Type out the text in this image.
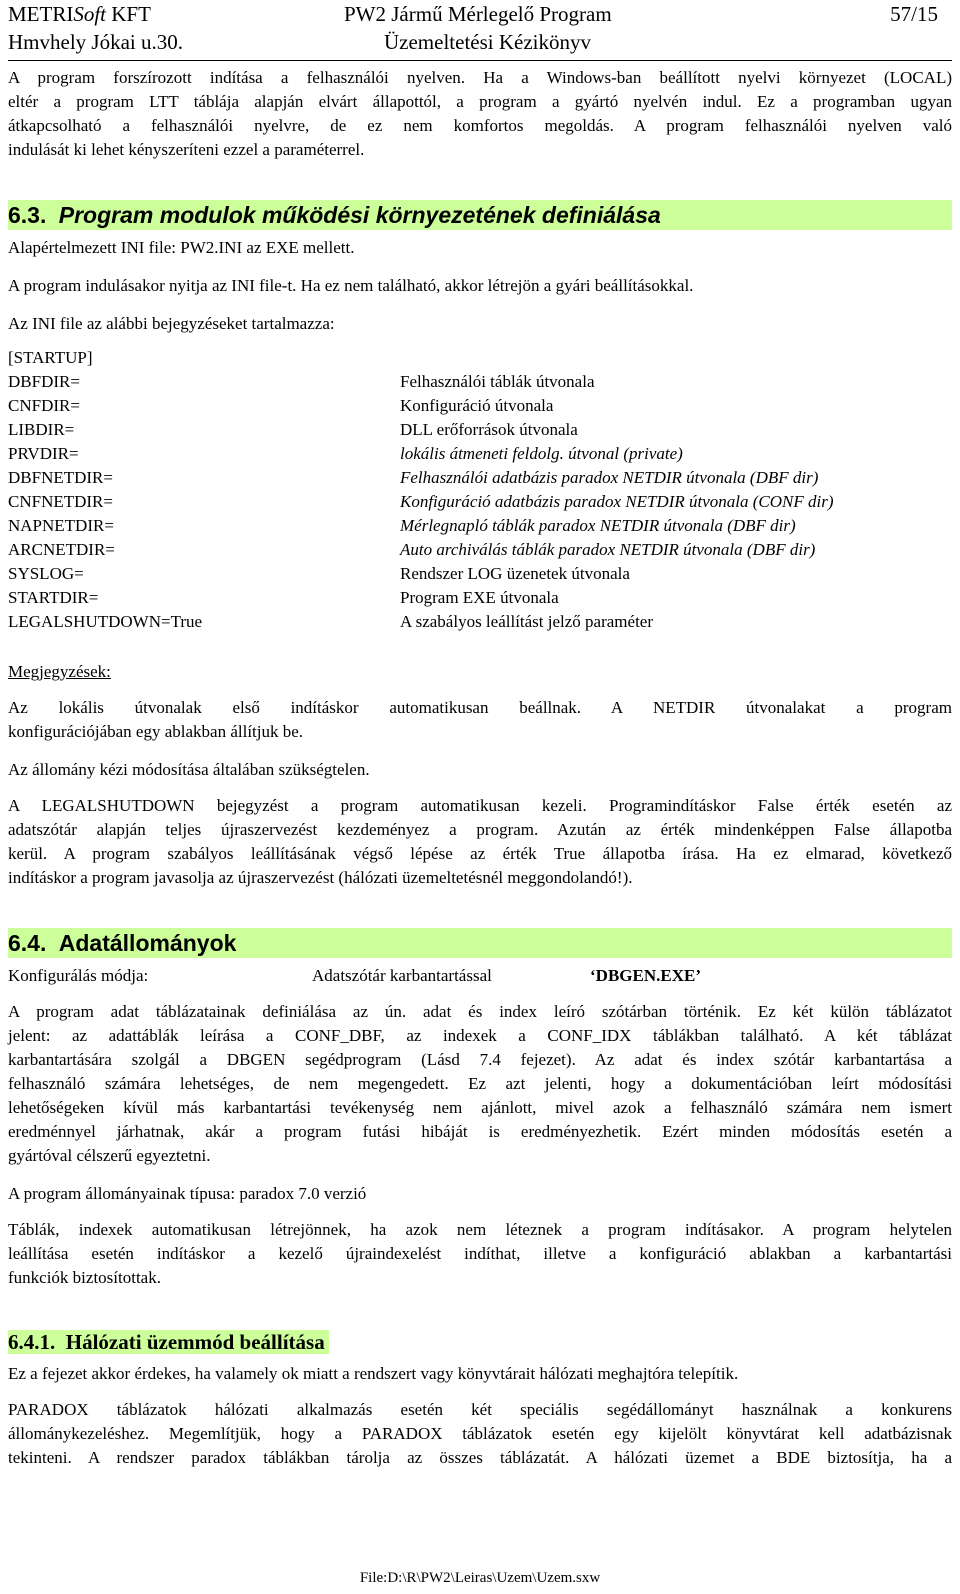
METRISoft KFT	PW2 Jármű Mérlegelő Program	57/15
Hmvhely Jókai u.30.	Üzemeltetési Kézikönyv

A program forszírozott indítása a felhasználói nyelven. Ha a Windows-ban beállított nyelvi környezet (LOCAL)

eltér a program LTT táblája alapján elvárt állapottól, a program a gyártó nyelvén indul. Ez a programban ugyan

átkapcsolható a felhasználói nyelvre, de ez nem komfortos megoldás. A program felhasználói nyelven való

indulását ki lehet kényszeríteni ezzel a paraméterrel.

6.3. Program modulok működési környezetének definiálása

Alapértelmezett INI file: PW2.INI az EXE mellett.

A program indulásakor nyitja az INI file-t. Ha ez nem található, akkor létrejön a gyári beállításokkal.

Az INI file az alábbi bejegyzéseket tartalmazza:

[STARTUP]

DBFDIR=	Felhasználói táblák útvonala
CNFDIR=	Konfiguráció útvonala
LIBDIR=	DLL erőforrások útvonala
PRVDIR=	lokális átmeneti feldolg. útvonal (private)
DBFNETDIR=	Felhasználói adatbázis paradox NETDIR útvonala (DBF dir)
CNFNETDIR=	Konfiguráció adatbázis paradox NETDIR útvonala (CONF dir)
NAPNETDIR=	Mérlegnapló táblák paradox NETDIR útvonala (DBF dir)
ARCNETDIR=	Auto archiválás táblák paradox NETDIR útvonala (DBF dir)
SYSLOG=	Rendszer LOG üzenetek útvonala
STARTDIR=	Program EXE útvonala
LEGALSHUTDOWN=True	A szabályos leállítást jelző paraméter

Megjegyzések:

Az lokális útvonalak első indításkor automatikusan beállnak. A NETDIR útvonalakat a program

konfigurációjában egy ablakban állítjuk be.

Az állomány kézi módosítása általában szükségtelen.

A LEGALSHUTDOWN bejegyzést a program automatikusan kezeli. Programindításkor False érték esetén az

adatszótár alapján teljes újraszervezést kezdeményez a program. Azután az érték mindenképpen False állapotba

kerül. A program szabályos leállításának végső lépése az érték True állapotba írása. Ha ez elmarad, következő

indításkor a program javasolja az újraszervezést (hálózati üzemeltetésnél meggondolandó!).

6.4. Adatállományok
Konfigurálás módja:	Adatszótár karbantartással	‘DBGEN.EXE’

A program adat táblázatainak definiálása az ún. adat és index leíró szótárban történik. Ez két külön táblázatot

jelent: az adattáblák leírása a CONF_DBF, az indexek a CONF_IDX táblákban található. A két táblázat

karbantartására szolgál a DBGEN segédprogram (Lásd 7.4 fejezet). Az adat és index szótár karbantartása a

felhasználó számára lehetséges, de nem megengedett. Ez azt jelenti, hogy a dokumentációban leírt módosítási

lehetőségeken kívül más karbantartási tevékenység nem ajánlott, mivel azok a felhasználó számára nem ismert

eredménnyel járhatnak, akár a program futási hibáját is eredményezhetik. Ezért minden módosítás esetén a

gyártóval célszerű egyeztetni.

A program állományainak típusa: paradox 7.0 verzió

Táblák, indexek automatikusan létrejönnek, ha azok nem léteznek a program indításakor. A program helytelen

leállítása esetén indításkor a kezelő újraindexelést indíthat, illetve a konfiguráció ablakban a karbantartási

funkciók biztosítottak.

6.4.1. Hálózati üzemmód beállítása

Ez a fejezet akkor érdekes, ha valamely ok miatt a rendszert vagy könyvtárait hálózati meghajtóra telepítik.

PARADOX táblázatok hálózati alkalmazás esetén két speciális segédállományt használnak a konkurens

állománykezeléshez. Megemlítjük, hogy a PARADOX táblázatok esetén egy kijelölt könyvtárat kell adatbázisnak

tekinteni. A rendszer paradox táblákban tárolja az összes táblázatát. A hálózati üzemet a BDE biztosítja, ha a

File:D:\R\PW2\Leiras\Uzem\Uzem.sxw
